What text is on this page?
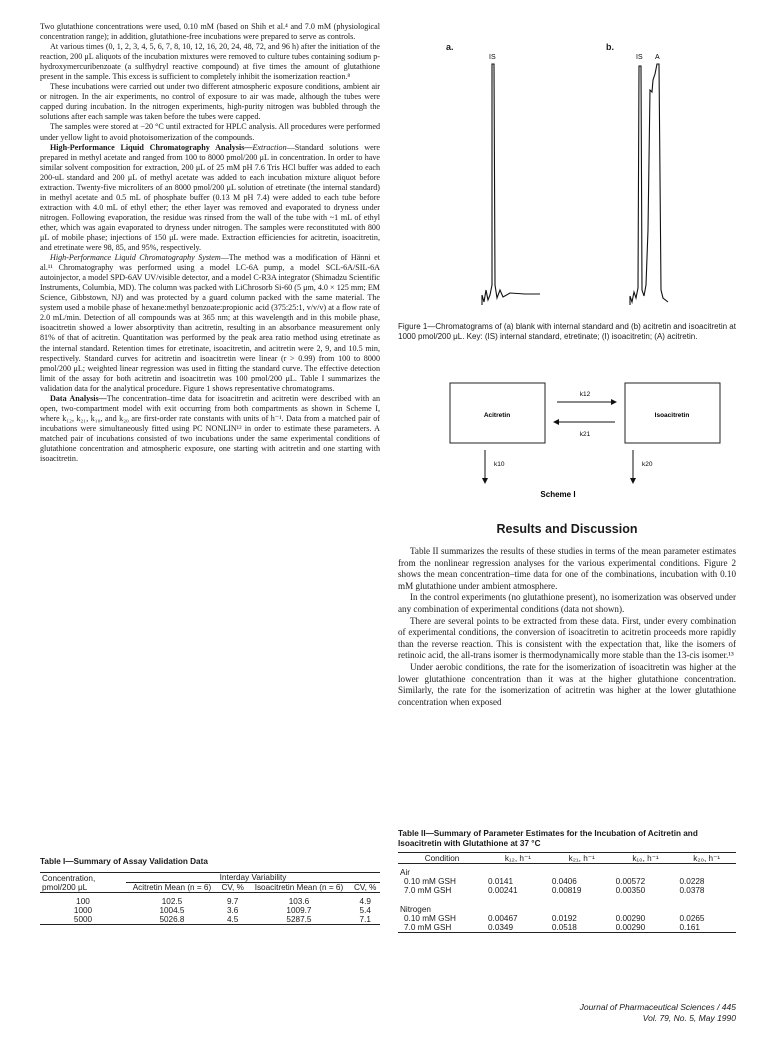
Two glutathione concentrations were used, 0.10 mM (based on Shih et al.⁴ and 7.0 mM (physiological concentration range); in addition, glutathione-free incubations were prepared to serve as controls.

At various times (0, 1, 2, 3, 4, 5, 6, 7, 8, 10, 12, 16, 20, 24, 48, 72, and 96 h) after the initiation of the reaction, 200 μL aliquots of the incubation mixtures were removed to culture tubes containing sodium p-hydroxymercuribenzoate (a sulfhydryl reactive compound) at five times the amount of glutathione present in the sample. This excess is sufficient to completely inhibit the isomerization reaction.⁸

These incubations were carried out under two different atmospheric exposure conditions, ambient air or nitrogen. In the air experiments, no control of exposure to air was made, although the tubes were capped during incubation. In the nitrogen experiments, high-purity nitrogen was bubbled through the solutions after each sample was taken before the tubes were capped.

The samples were stored at −20 °C until extracted for HPLC analysis. All procedures were performed under yellow light to avoid photoisomerization of the compounds.

High-Performance Liquid Chromatography Analysis—Extraction—Standard solutions were prepared in methyl acetate and ranged from 100 to 8000 pmol/200 μL in concentration. In order to have similar solvent composition for extraction, 200 μL of 25 mM pH 7.6 Tris HCl buffer was added to each 200-uL standard and 200 μL of methyl acetate was added to each incubation mixture aliquot before extraction. Twenty-five microliters of an 8000 pmol/200 μL solution of etretinate (the internal standard) in methyl acetate and 0.5 mL of phosphate buffer (0.13 M pH 7.4) were added to each tube before extraction with 4.0 mL of ethyl ether; the ether layer was removed and evaporated to dryness under nitrogen. Following evaporation, the residue was rinsed from the wall of the tube with ~1 mL of ethyl ether, which was again evaporated to dryness under nitrogen. The samples were reconstituted with 800 μL of mobile phase; injections of 150 μL were made. Extraction efficiencies for acitretin, isoacitretin, and etretinate were 98, 85, and 95%, respectively.

High-Performance Liquid Chromatography System—The method was a modification of Hänni et al.¹¹ Chromatography was performed using a model LC-6A pump, a model SCL-6A/SIL-6A autoinjector, a model SPD-6AV UV/visible detector, and a model C-R3A integrator (Shimadzu Scientific Instruments, Columbia, MD). The column was packed with LiChrosorb Si-60 (5 μm, 4.0 × 125 mm; EM Science, Gibbstown, NJ) and was protected by a guard column packed with the same material. The system used a mobile phase of hexane:methyl benzoate:propionic acid (375:25:1, v/v/v) at a flow rate of 2.0 mL/min. Detection of all compounds was at 365 nm; at this wavelength and in this mobile phase, isoacitretin showed a lower absorptivity than acitretin, resulting in an absorbance measurement only 81% of that of acitretin. Quantitation was performed by the peak area ratio method using etretinate as the internal standard. Retention times for etretinate, isoacitretin, and acitretin were 2, 9, and 10.5 min, respectively. Standard curves for acitretin and isoacitretin were linear (r > 0.99) from 100 to 8000 pmol/200 μL; weighted linear regression was used in fitting the standard curve. The effective detection limit of the assay for both acitretin and isoacitretin was 100 pmol/200 μL. Table I summarizes the validation data for the analytical procedure. Figure 1 shows representative chromatograms.

Data Analysis—The concentration–time data for isoacitretin and acitretin were described with an open, two-compartment model with exit occurring from both compartments as shown in Scheme I, where k₁₂, k₂₁, k₁₀, and k₂₀ are first-order rate constants with units of h⁻¹. Data from a matched pair of incubations were simultaneously fitted using PC NONLIN¹² in order to estimate these parameters. A matched pair of incubations consisted of two incubations under the same experimental conditions of glutathione concentration and atmospheric exposure, one starting with acitretin and one starting with isoacitretin.

Table I—Summary of Assay Validation Data
Concentration, pmol/200 μL	Interday Variability			
	Acitretin Mean (n = 6)	CV, %	Isoacitretin Mean (n = 6)	CV, %

100	102.5	9.7	103.6	4.9
1000	1004.5	3.6	1009.7	5.4
5000	5026.8	4.5	5287.5	7.1
a.	b.
IS	IS A
Figure 1—Chromatograms of (a) blank with internal standard and (b) acitretin and isoacitretin at 1000 pmol/200 μL. Key: (IS) internal standard, etretinate; (I) isoacitretin; (A) acitretin.
Acitretin	Isoacitretin
k12
k21
k10	k20
Scheme I
Results and Discussion

Table II summarizes the results of these studies in terms of the mean parameter estimates from the nonlinear regression analyses for the various experimental conditions. Figure 2 shows the mean concentration–time data for one of the combinations, incubation with 0.10 mM glutathione under ambient atmosphere.

In the control experiments (no glutathione present), no isomerization was observed under any combination of experimental conditions (data not shown).

There are several points to be extracted from these data. First, under every combination of experimental conditions, the conversion of isoacitretin to acitretin proceeds more rapidly than the reverse reaction. This is consistent with the expectation that, like the isomers of retinoic acid, the all-trans isomer is thermodynamically more stable than the 13-cis isomer.¹³

Under aerobic conditions, the rate for the isomerization of isoacitretin was higher at the lower glutathione concentration than it was at the higher glutathione concentration. Similarly, the rate for the isomerization of acitretin was higher at the lower glutathione concentration when exposed

Table II—Summary of Parameter Estimates for the Incubation of Acitretin and Isoacitretin with Glutathione at 37 °C
Condition	k₁₂, h⁻¹	k₂₁, h⁻¹	k₁₀, h⁻¹	k₂₀, h⁻¹
Air				
0.10 mM GSH	0.0141	0.0406	0.00572	0.0228
7.0 mM GSH	0.00241	0.00819	0.00350	0.0378
Nitrogen				
0.10 mM GSH	0.00467	0.0192	0.00290	0.0265
7.0 mM GSH	0.0349	0.0518	0.00290	0.161
Journal of Pharmaceutical Sciences / 445
Vol. 79, No. 5, May 1990
